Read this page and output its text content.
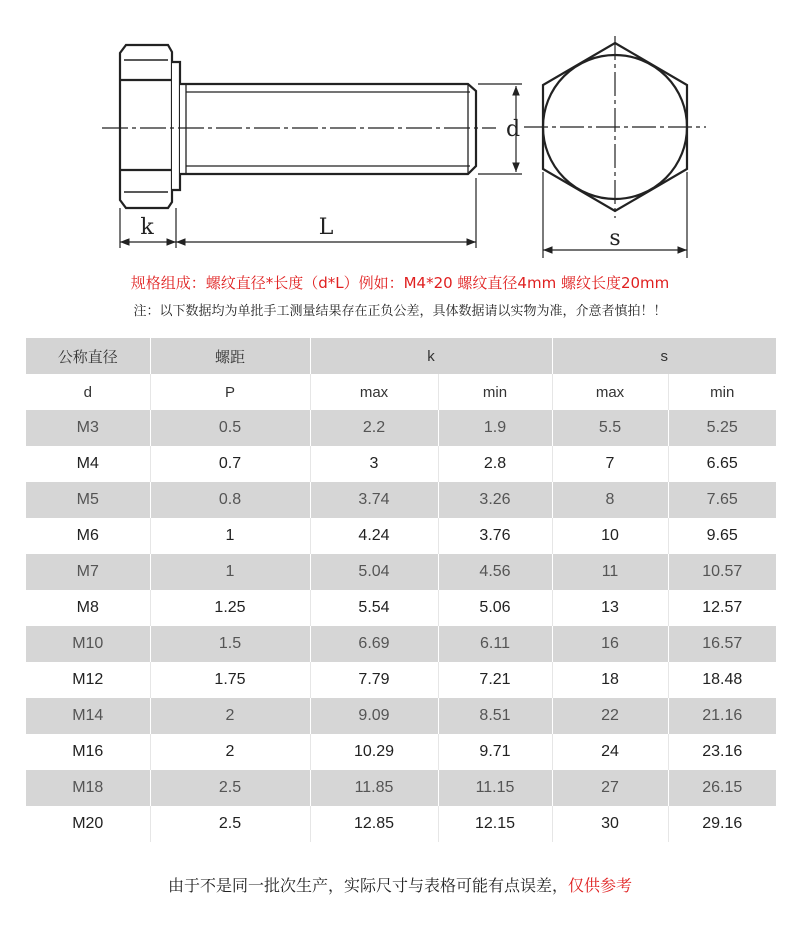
k	L
d
s
规格组成：螺纹直径*长度（d*L）例如：M4*20 螺纹直径4mm 螺纹长度20mm
注：以下数据均为单批手工测量结果存在正负公差，具体数据请以实物为准，介意者慎拍！！
公称直径	螺距	k		s	
d	P	max	min	max	min
M3	0.5	2.2	1.9	5.5	5.25
M4	0.7	3	2.8	7	6.65
M5	0.8	3.74	3.26	8	7.65
M6	1	4.24	3.76	10	9.65
M7	1	5.04	4.56	11	10.57
M8	1.25	5.54	5.06	13	12.57
M10	1.5	6.69	6.11	16	16.57
M12	1.75	7.79	7.21	18	18.48
M14	2	9.09	8.51	22	21.16
M16	2	10.29	9.71	24	23.16
M18	2.5	11.85	11.15	27	26.15
M20	2.5	12.85	12.15	30	29.16
由于不是同一批次生产，实际尺寸与表格可能有点误差，仅供参考
